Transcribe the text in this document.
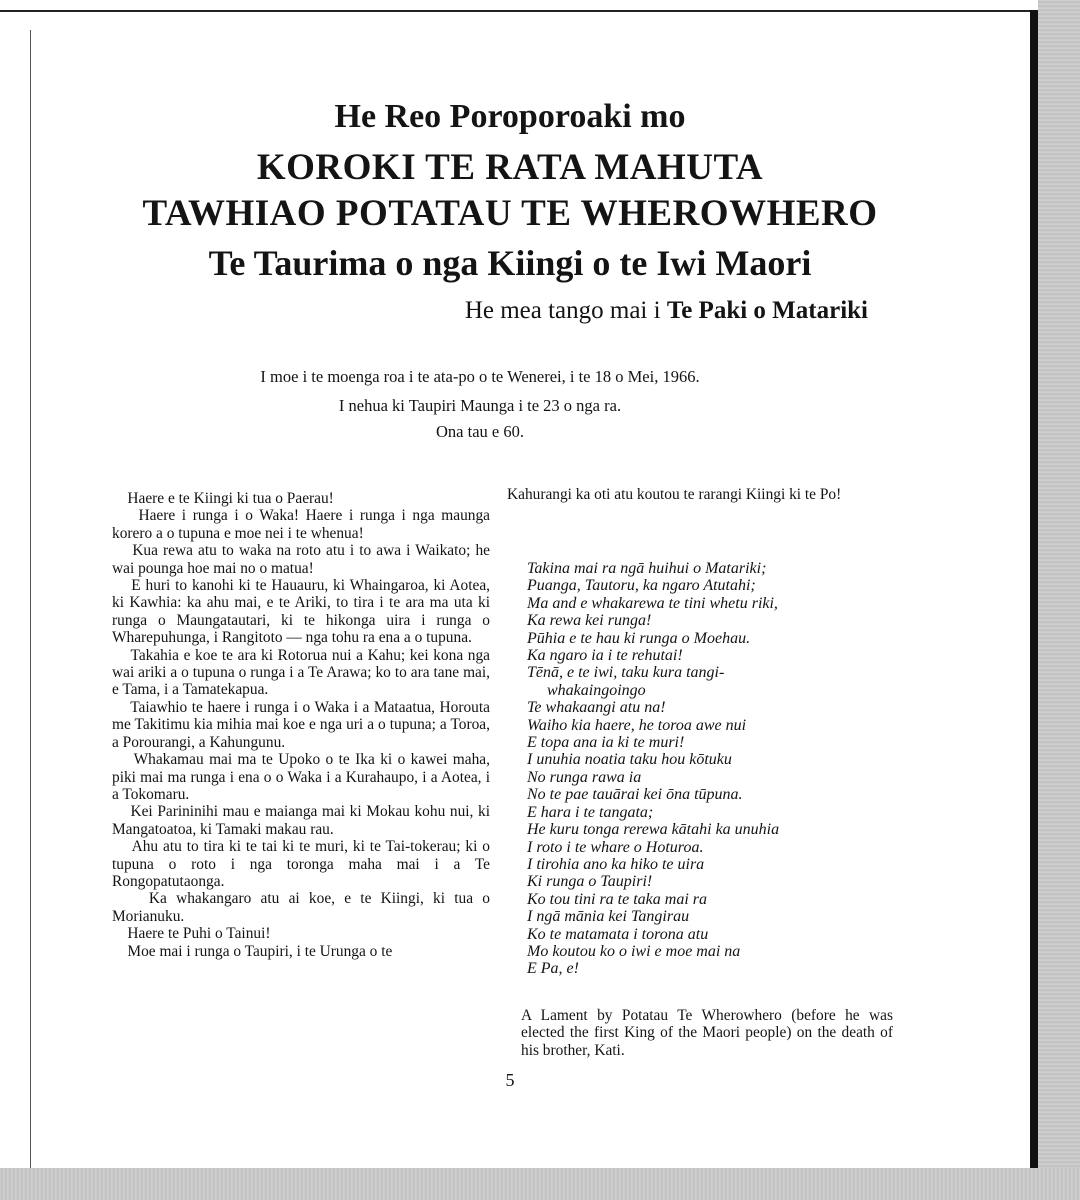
He Reo Poroporoaki mo
KOROKI TE RATA MAHUTA
TAWHIAO POTATAU TE WHEROWHERO
Te Taurima o nga Kiingi o te Iwi Maori
He mea tango mai i Te Paki o Matariki
I moe i te moenga roa i te ata-po o te Wenerei, i te 18 o Mei, 1966.
I nehua ki Taupiri Maunga i te 23 o nga ra.
Ona tau e 60.

Haere e te Kiingi ki tua o Paerau!
Haere i runga i o Waka! Haere i runga i nga maunga korero a o tupuna e moe nei i te whenua!

Kua rewa atu to waka na roto atu i to awa i Waikato; he wai pounga hoe mai no o matua!

E huri to kanohi ki te Hauauru, ki Whaingaroa, ki Aotea, ki Kawhia: ka ahu mai, e te Ariki, to tira i te ara ma uta ki runga o Maungatautari, ki te hikonga uira i runga o Wharepuhunga, i Rangitoto — nga tohu ra ena a o tupuna.

Takahia e koe te ara ki Rotorua nui a Kahu; kei kona nga wai ariki a o tupuna o runga i a Te Arawa; ko to ara tane mai, e Tama, i a Tamatekapua.

Taiawhio te haere i runga i o Waka i a Mataatua, Horouta me Takitimu kia mihia mai koe e nga uri a o tupuna; a Toroa, a Porourangi, a Kahungunu.

Whakamau mai ma te Upoko o te Ika ki o kawei maha, piki mai ma runga i ena o o Waka i a Kurahaupo, i a Aotea, i a Tokomaru.

Kei Parininihi mau e maianga mai ki Mokau kohu nui, ki Mangatoatoa, ki Tamaki makau rau.

Ahu atu to tira ki te tai ki te muri, ki te Tai-tokerau; ki o tupuna o roto i nga toronga maha mai i a Te Rongopatutaonga.

Ka whakangaro atu ai koe, e te Kiingi, ki tua o Morianuku.
Haere te Puhi o Tainui!
Moe mai i runga o Taupiri, i te Urunga o te

Kahurangi ka oti atu koutou te rarangi Kiingi ki te Po!

Takina mai ra ngā huihui o Matariki;
Puanga, Tautoru, ka ngaro Atutahi;
Ma and e whakarewa te tini whetu riki,
Ka rewa kei runga!
Pūhia e te hau ki runga o Moehau.
Ka ngaro ia i te rehutai!
Tēnā, e te iwi, taku kura tangi-
whakaingoingo
Te whakaangi atu na!
Waiho kia haere, he toroa awe nui
E topa ana ia ki te muri!
I unuhia noatia taku hou kōtuku
No runga rawa ia
No te pae tauārai kei ōna tūpuna.
E hara i te tangata;
He kuru tonga rerewa kātahi ka unuhia
I roto i te whare o Hoturoa.
I tirohia ano ka hiko te uira
Ki runga o Taupiri!
Ko tou tini ra te taka mai ra
I ngā mānia kei Tangirau
Ko te matamata i torona atu
Mo koutou ko o iwi e moe mai na
E Pa, e!
A Lament by Potatau Te Wherowhero (before he was elected the first King of the Maori people) on the death of his brother, Kati.
5
